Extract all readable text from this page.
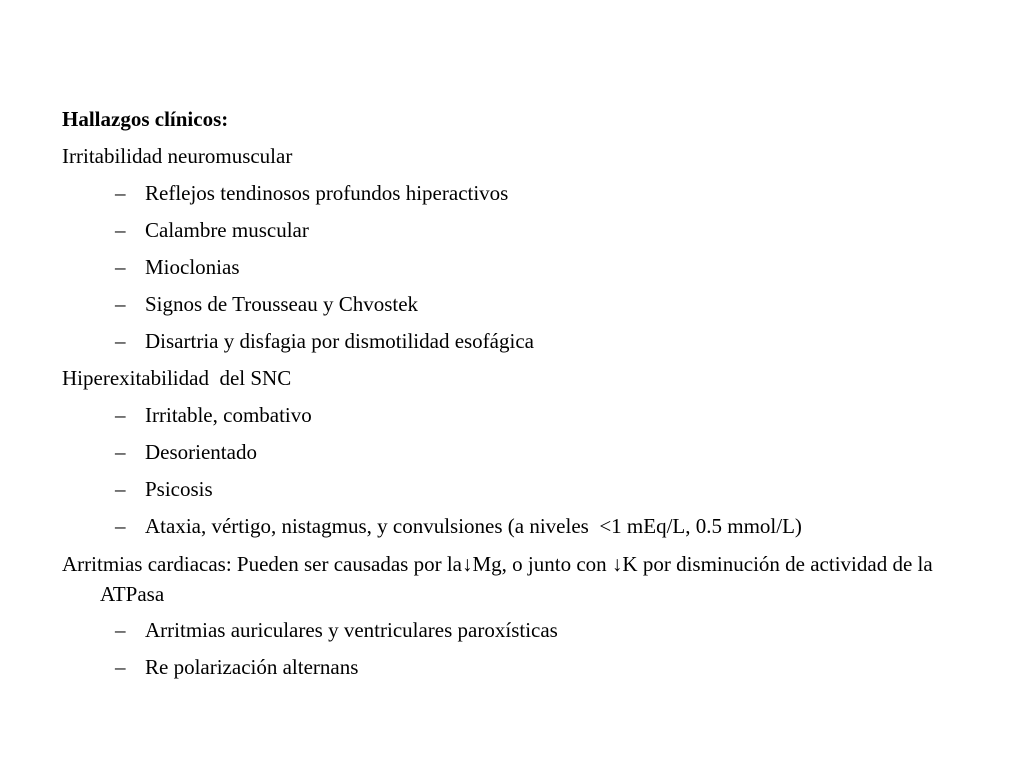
Hallazgos clínicos:

Irritabilidad neuromuscular

– Reflejos tendinosos profundos hiperactivos
– Calambre muscular
– Mioclonias
– Signos de Trousseau y Chvostek
– Disartria y disfagia por dismotilidad esofágica

Hiperexitabilidad  del SNC

– Irritable, combativo
– Desorientado
– Psicosis
– Ataxia, vértigo, nistagmus, y convulsiones (a niveles  <1 mEq/L, 0.5 mmol/L)

Arritmias cardiacas: Pueden ser causadas por la↓Mg, o junto con ↓K por disminución de actividad de la ATPasa

– Arritmias auriculares y ventriculares paroxísticas
– Re polarización alternans
